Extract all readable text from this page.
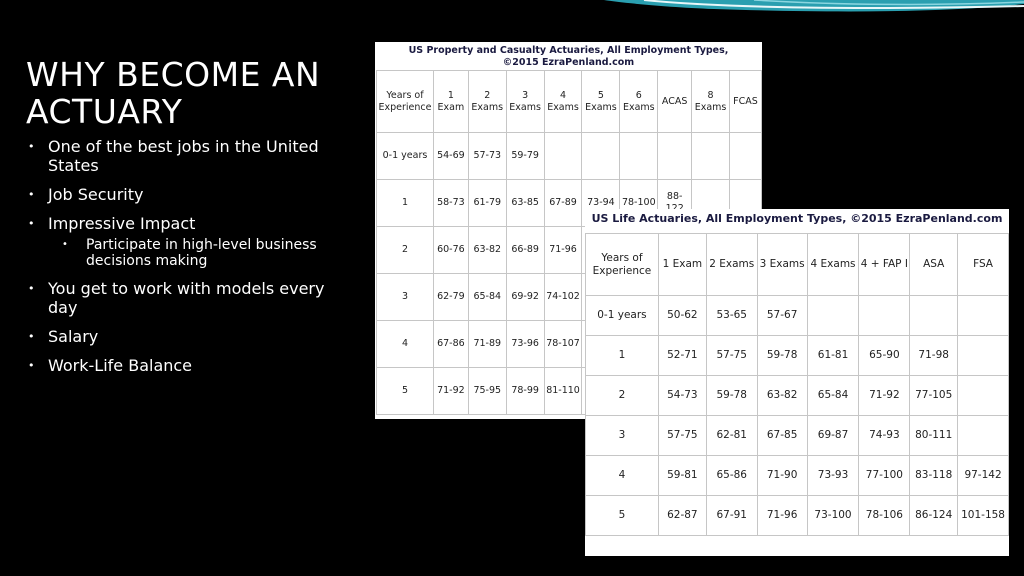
WHY BECOME AN ACTUARY
• One of the best jobs in the United States
• Job Security
• Impressive Impact
• Participate in high-level business decisions making
• You get to work with models every day
• Salary
• Work-Life Balance
US Property and Casualty Actuaries, All Employment Types,
©2015 EzraPenland.com
Years of Experience	1 Exam	2 Exams	3 Exams	4 Exams	5 Exams	6 Exams	ACAS	8 Exams	FCAS
0-1 years	54-69	57-73	59-79						
1	58-73	61-79	63-85	67-89	73-94	78-100	88-		
2	60-76	63-82	66-89	71-96					
3	62-79	65-84	69-92	74-102					
4	67-86	71-89	73-96	78-107					
5	71-92	75-95	78-99	81-110					
US Life Actuaries, All Employment Types, ©2015 EzraPenland.com
Years of Experience	1 Exam	2 Exams	3 Exams	4 Exams	4 + FAP I	ASA	FSA
0-1 years	50-62	53-65	57-67				
1	52-71	57-75	59-78	61-81	65-90	71-98	
2	54-73	59-78	63-82	65-84	71-92	77-105	
3	57-75	62-81	67-85	69-87	74-93	80-111	
4	59-81	65-86	71-90	73-93	77-100	83-118	97-142
5	62-87	67-91	71-96	73-100	78-106	86-124	101-158
